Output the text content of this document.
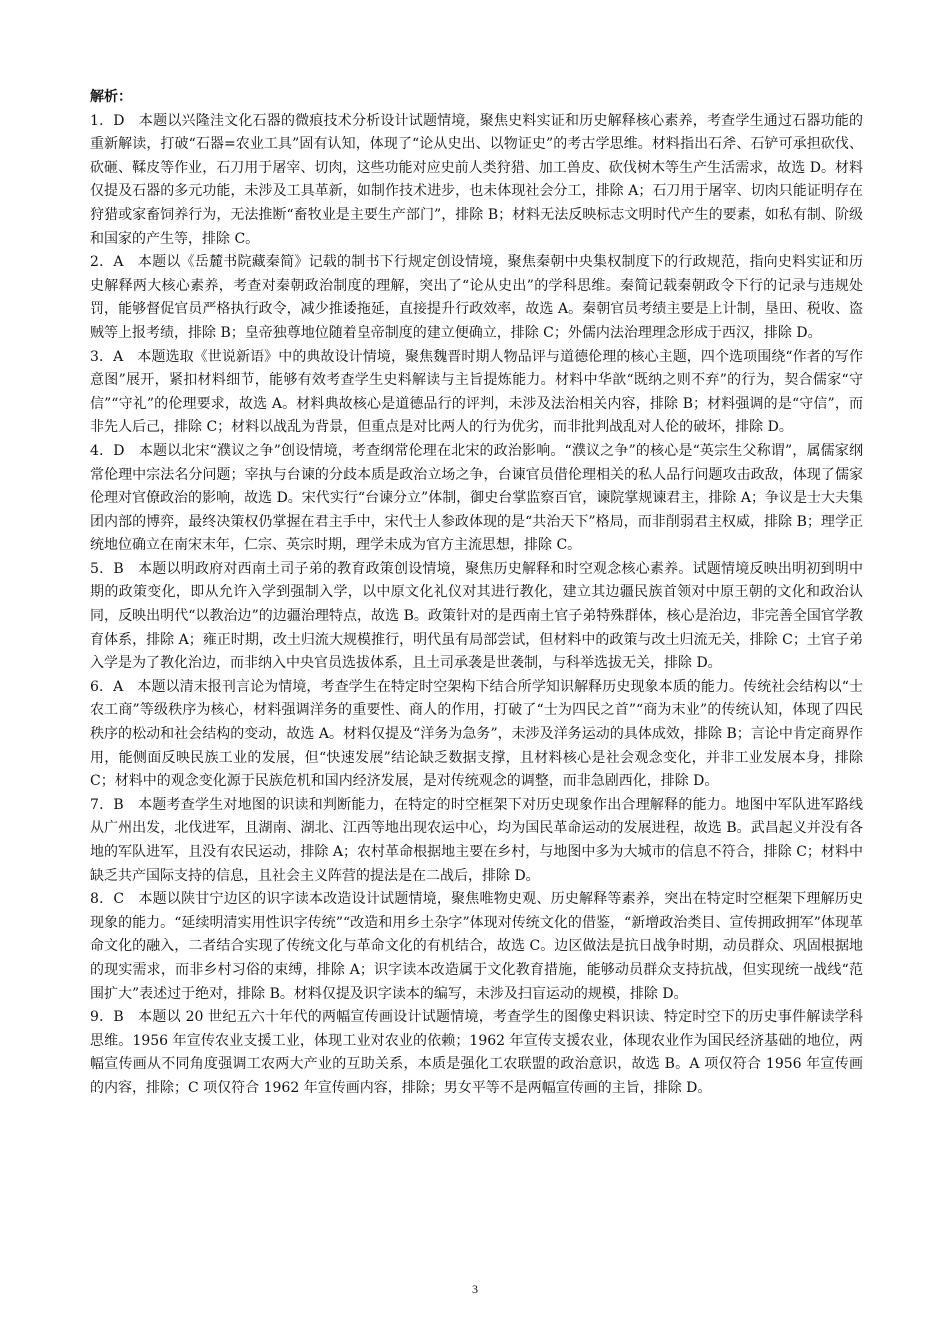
解析：

1．D　本题以兴隆洼文化石器的微痕技术分析设计试题情境，聚焦史料实证和历史解释核心素养，考查学生通过石器功能的重新解读，打破“石器=农业工具”固有认知，体现了“论从史出、以物证史”的考古学思维。材料指出石斧、石铲可承担砍伐、砍砸、鞣皮等作业，石刀用于屠宰、切肉，这些功能对应史前人类狩猎、加工兽皮、砍伐树木等生产生活需求，故选 D。材料仅提及石器的多元功能，未涉及工具革新，如制作技术进步，也未体现社会分工，排除 A；石刀用于屠宰、切肉只能证明存在狩猎或家畜饲养行为，无法推断“畜牧业是主要生产部门”，排除 B；材料无法反映标志文明时代产生的要素，如私有制、阶级和国家的产生等，排除 C。

2．A　本题以《岳麓书院藏秦简》记载的制书下行规定创设情境，聚焦秦朝中央集权制度下的行政规范，指向史料实证和历史解释两大核心素养，考查对秦朝政治制度的理解，突出了“论从史出”的学科思维。秦简记载秦朝政令下行的记录与违规处罚，能够督促官员严格执行政令，减少推诿拖延，直接提升行政效率，故选 A。秦朝官员考绩主要是上计制，垦田、税收、盗贼等上报考绩，排除 B；皇帝独尊地位随着皇帝制度的建立便确立，排除 C；外儒内法治理理念形成于西汉，排除 D。

3．A　本题选取《世说新语》中的典故设计情境，聚焦魏晋时期人物品评与道德伦理的核心主题，四个选项围绕“作者的写作意图”展开，紧扣材料细节，能够有效考查学生史料解读与主旨提炼能力。材料中华歆“既纳之则不弃”的行为，契合儒家“守信”“守礼”的伦理要求，故选 A。材料典故核心是道德品行的评判，未涉及法治相关内容，排除 B；材料强调的是“守信”，而非先人后己，排除 C；材料以战乱为背景，但重点是对比两人的行为优劣，而非批判战乱对人伦的破坏，排除 D。

4．D　本题以北宋“濮议之争”创设情境，考查纲常伦理在北宋的政治影响。“濮议之争”的核心是“英宗生父称谓”，属儒家纲常伦理中宗法名分问题；宰执与台谏的分歧本质是政治立场之争，台谏官员借伦理相关的私人品行问题攻击政敌，体现了儒家伦理对官僚政治的影响，故选 D。宋代实行“台谏分立”体制，御史台掌监察百官，谏院掌规谏君主，排除 A；争议是士大夫集团内部的博弈，最终决策权仍掌握在君主手中，宋代士人参政体现的是“共治天下”格局，而非削弱君主权威，排除 B；理学正统地位确立在南宋末年，仁宗、英宗时期，理学未成为官方主流思想，排除 C。

5．B　本题以明政府对西南土司子弟的教育政策创设情境，聚焦历史解释和时空观念核心素养。试题情境反映出明初到明中期的政策变化，即从允许入学到强制入学，以中原文化礼仪对其进行教化，建立其边疆民族首领对中原王朝的文化和政治认同，反映出明代“以教治边”的边疆治理特点，故选 B。政策针对的是西南土官子弟特殊群体，核心是治边，非完善全国官学教育体系，排除 A；雍正时期，改土归流大规模推行，明代虽有局部尝试，但材料中的政策与改土归流无关，排除 C；土官子弟入学是为了教化治边，而非纳入中央官员选拔体系，且土司承袭是世袭制，与科举选拔无关，排除 D。

6．A　本题以清末报刊言论为情境，考查学生在特定时空架构下结合所学知识解释历史现象本质的能力。传统社会结构以“士农工商”等级秩序为核心，材料强调洋务的重要性、商人的作用，打破了“士为四民之首”“商为末业”的传统认知，体现了四民秩序的松动和社会结构的变动，故选 A。材料仅提及“洋务为急务”，未涉及洋务运动的具体成效，排除 B；言论中肯定商界作用，能侧面反映民族工业的发展，但“快速发展”结论缺乏数据支撑，且材料核心是社会观念变化，并非工业发展本身，排除 C；材料中的观念变化源于民族危机和国内经济发展，是对传统观念的调整，而非急剧西化，排除 D。

7．B　本题考查学生对地图的识读和判断能力，在特定的时空框架下对历史现象作出合理解释的能力。地图中军队进军路线从广州出发，北伐进军，且湖南、湖北、江西等地出现农运中心，均为国民革命运动的发展进程，故选 B。武昌起义并没有各地的军队进军，且没有农民运动，排除 A；农村革命根据地主要在乡村，与地图中多为大城市的信息不符合，排除 C；材料中缺乏共产国际支持的信息，且社会主义阵营的提法是在二战后，排除 D。

8．C　本题以陕甘宁边区的识字读本改造设计试题情境，聚焦唯物史观、历史解释等素养，突出在特定时空框架下理解历史现象的能力。“延续明清实用性识字传统”“改造和用乡土杂字”体现对传统文化的借鉴，“新增政治类目、宣传拥政拥军”体现革命文化的融入，二者结合实现了传统文化与革命文化的有机结合，故选 C。边区做法是抗日战争时期，动员群众、巩固根据地的现实需求，而非乡村习俗的束缚，排除 A；识字读本改造属于文化教育措施，能够动员群众支持抗战，但实现统一战线“范围扩大”表述过于绝对，排除 B。材料仅提及识字读本的编写，未涉及扫盲运动的规模，排除 D。

9．B　本题以 20 世纪五六十年代的两幅宣传画设计试题情境，考查学生的图像史料识读、特定时空下的历史事件解读学科思维。1956 年宣传农业支援工业，体现工业对农业的依赖；1962 年宣传支援农业，体现农业作为国民经济基础的地位，两幅宣传画从不同角度强调工农两大产业的互助关系，本质是强化工农联盟的政治意识，故选 B。A 项仅符合 1956 年宣传画的内容，排除；C 项仅符合 1962 年宣传画内容，排除；男女平等不是两幅宣传画的主旨，排除 D。

3
